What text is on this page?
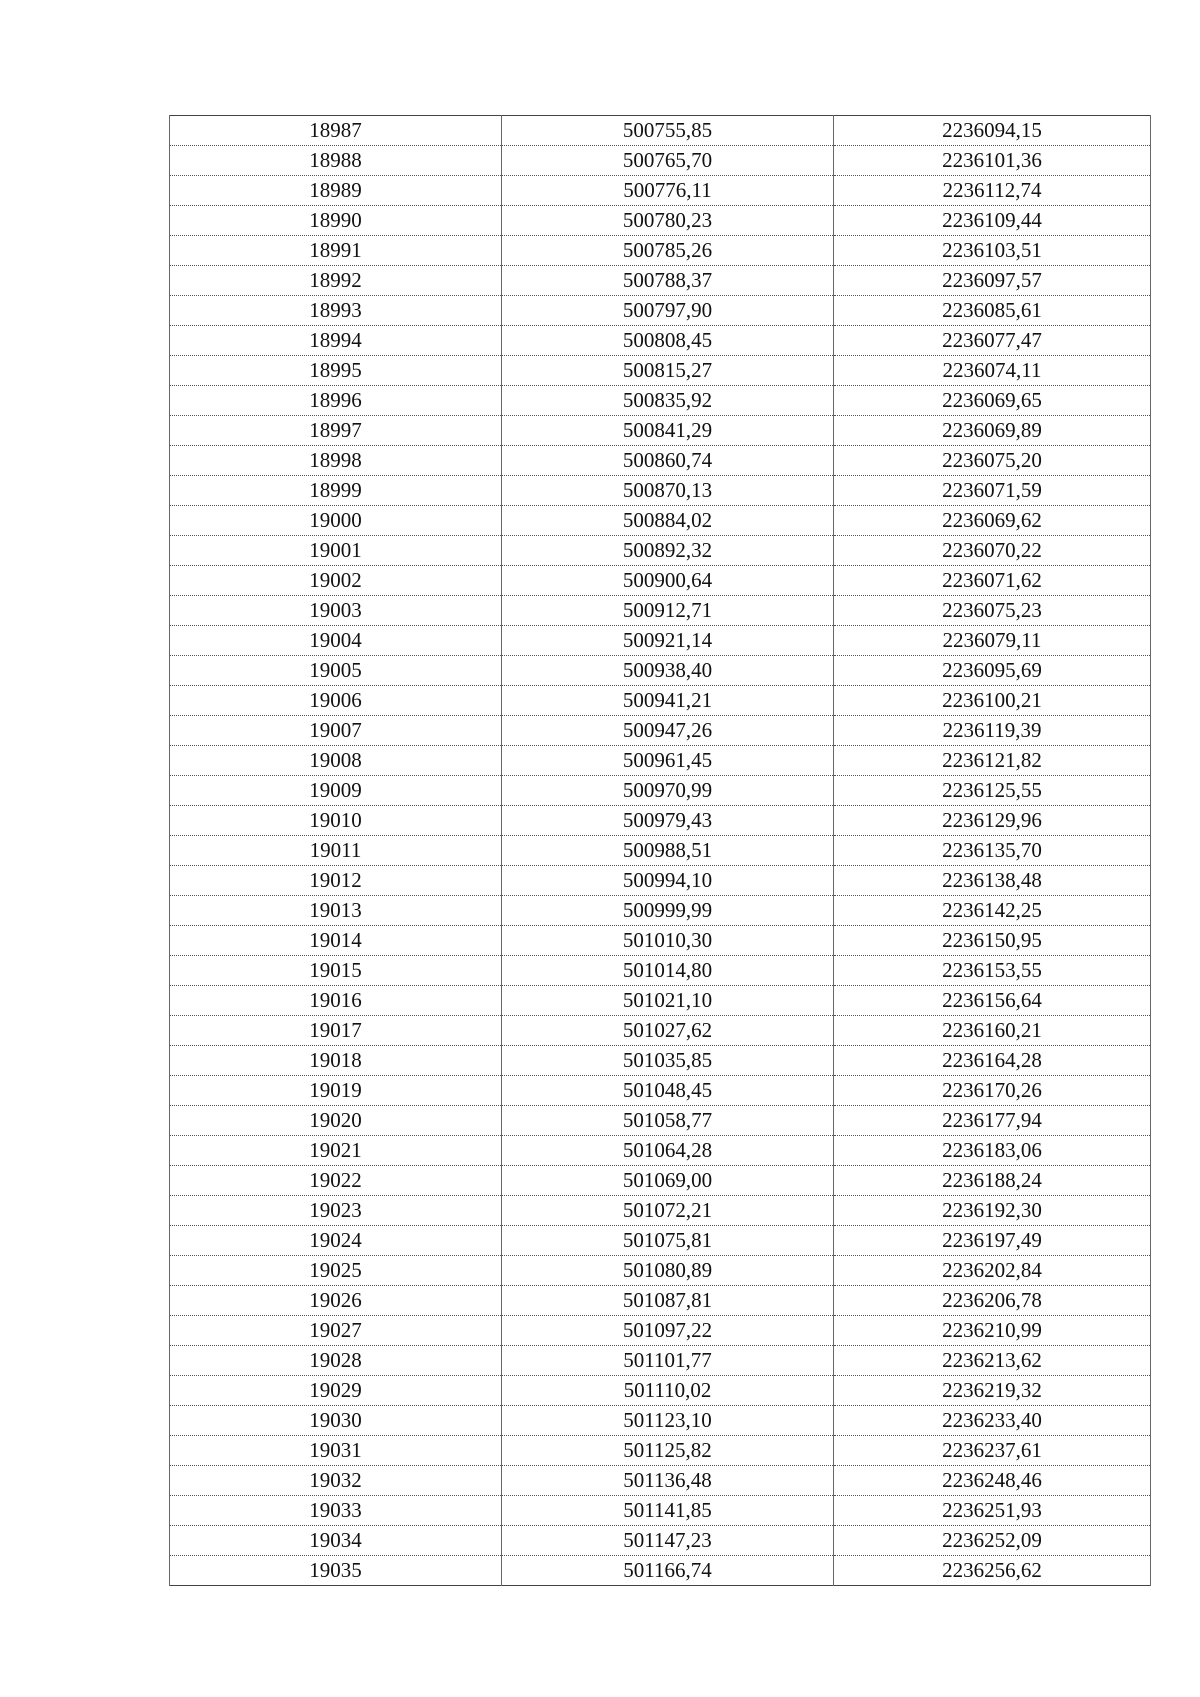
18987	500755,85	2236094,15
18988	500765,70	2236101,36
18989	500776,11	2236112,74
18990	500780,23	2236109,44
18991	500785,26	2236103,51
18992	500788,37	2236097,57
18993	500797,90	2236085,61
18994	500808,45	2236077,47
18995	500815,27	2236074,11
18996	500835,92	2236069,65
18997	500841,29	2236069,89
18998	500860,74	2236075,20
18999	500870,13	2236071,59
19000	500884,02	2236069,62
19001	500892,32	2236070,22
19002	500900,64	2236071,62
19003	500912,71	2236075,23
19004	500921,14	2236079,11
19005	500938,40	2236095,69
19006	500941,21	2236100,21
19007	500947,26	2236119,39
19008	500961,45	2236121,82
19009	500970,99	2236125,55
19010	500979,43	2236129,96
19011	500988,51	2236135,70
19012	500994,10	2236138,48
19013	500999,99	2236142,25
19014	501010,30	2236150,95
19015	501014,80	2236153,55
19016	501021,10	2236156,64
19017	501027,62	2236160,21
19018	501035,85	2236164,28
19019	501048,45	2236170,26
19020	501058,77	2236177,94
19021	501064,28	2236183,06
19022	501069,00	2236188,24
19023	501072,21	2236192,30
19024	501075,81	2236197,49
19025	501080,89	2236202,84
19026	501087,81	2236206,78
19027	501097,22	2236210,99
19028	501101,77	2236213,62
19029	501110,02	2236219,32
19030	501123,10	2236233,40
19031	501125,82	2236237,61
19032	501136,48	2236248,46
19033	501141,85	2236251,93
19034	501147,23	2236252,09
19035	501166,74	2236256,62
